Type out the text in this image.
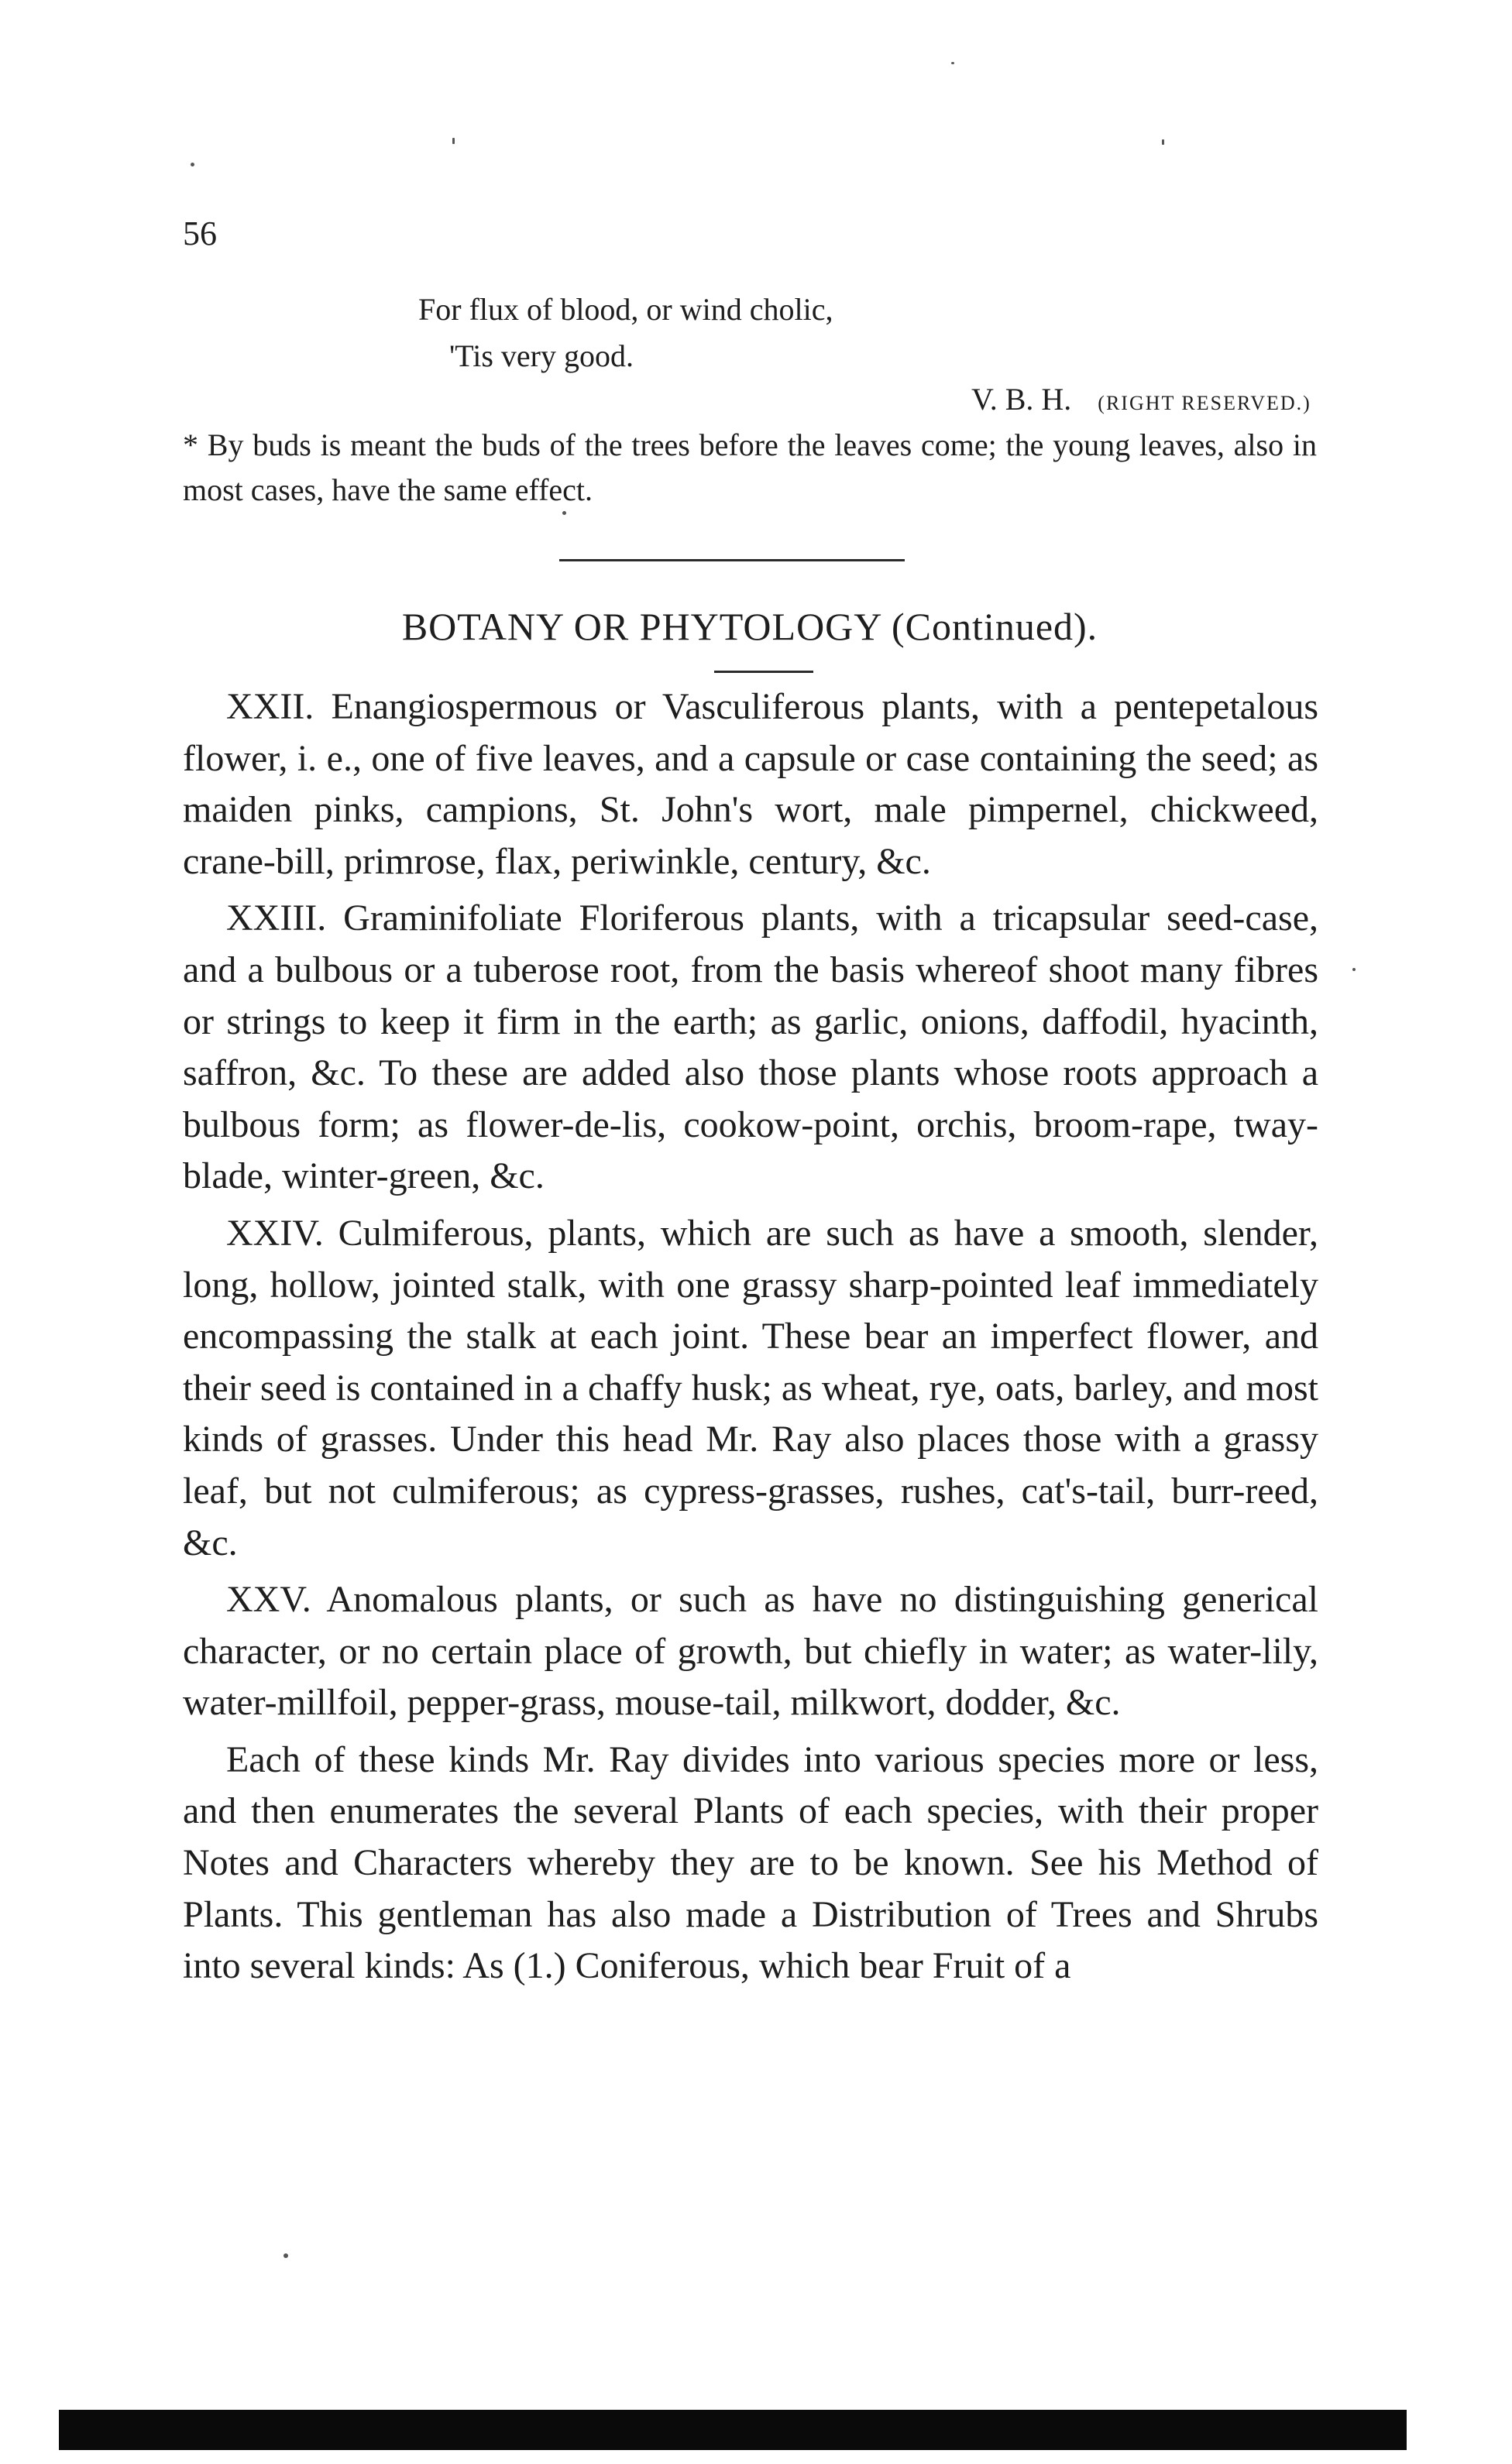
56
For flux of blood, or wind cholic,
'Tis very good.
V. B. H. (RIGHT RESERVED.)
* By buds is meant the buds of the trees before the leaves come; the young leaves, also in most cases, have the same effect.
BOTANY OR PHYTOLOGY (Continued).

XXII. Enangiospermous or Vasculiferous plants, with a pentepetalous flower, i. e., one of five leaves, and a capsule or case containing the seed; as maiden pinks, campions, St. John's wort, male pimpernel, chickweed, crane-bill, primrose, flax, periwinkle, century, &c.

XXIII. Graminifoliate Floriferous plants, with a tricapsular seed-case, and a bulbous or a tuberose root, from the basis whereof shoot many fibres or strings to keep it firm in the earth; as garlic, onions, daffodil, hyacinth, saffron, &c. To these are added also those plants whose roots approach a bulbous form; as flower-de-lis, cookow-point, orchis, broom-rape, tway-blade, winter-green, &c.

XXIV. Culmiferous, plants, which are such as have a smooth, slender, long, hollow, jointed stalk, with one grassy sharp-pointed leaf immediately encompassing the stalk at each joint. These bear an imperfect flower, and their seed is contained in a chaffy husk; as wheat, rye, oats, barley, and most kinds of grasses. Under this head Mr. Ray also places those with a grassy leaf, but not culmiferous; as cypress-grasses, rushes, cat's-tail, burr-reed, &c.

XXV. Anomalous plants, or such as have no distinguishing generical character, or no certain place of growth, but chiefly in water; as water-lily, water-millfoil, pepper-grass, mouse-tail, milkwort, dodder, &c.

Each of these kinds Mr. Ray divides into various species more or less, and then enumerates the several Plants of each species, with their proper Notes and Characters whereby they are to be known. See his Method of Plants. This gentleman has also made a Distribution of Trees and Shrubs into several kinds: As (1.) Coniferous, which bear Fruit of a
